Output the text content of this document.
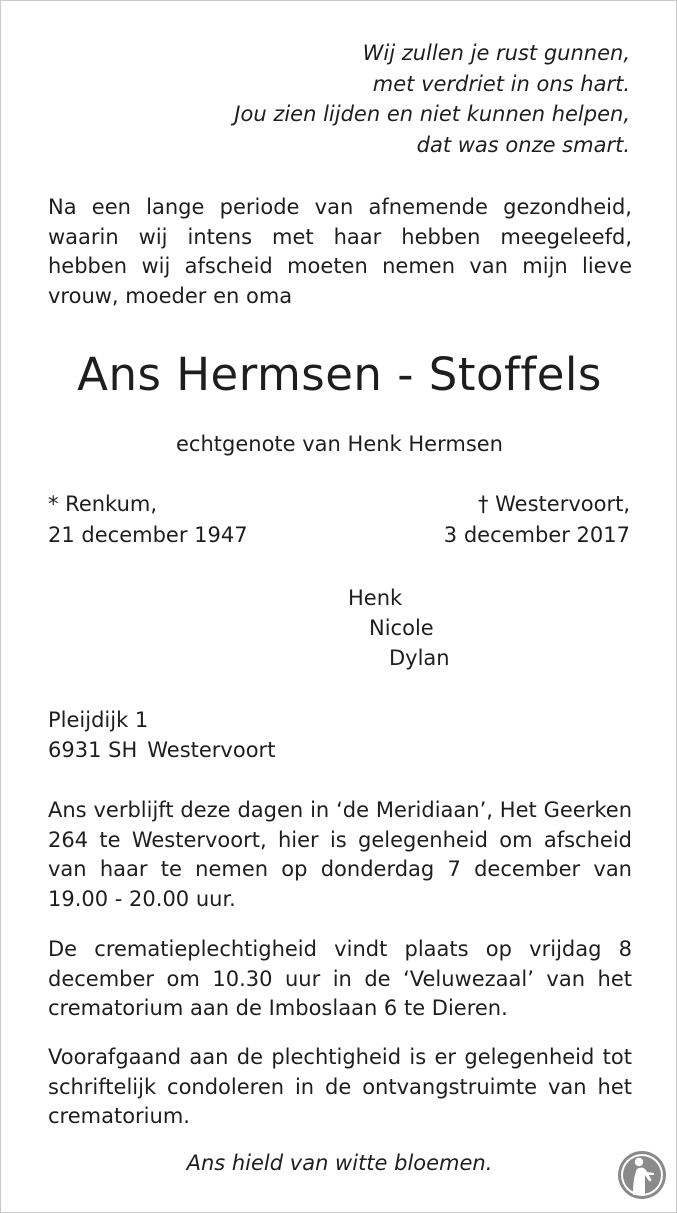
Wij zullen je rust gunnen,
met verdriet in ons hart.
Jou zien lijden en niet kunnen helpen,
dat was onze smart.
Na een lange periode van afnemende gezondheid, waarin wij intens met haar hebben meegeleefd, hebben wij afscheid moeten nemen van mijn lieve vrouw, moeder en oma
Ans Hermsen - Stoffels
echtgenote van Henk Hermsen
* Renkum,
21 december 1947
† Westervoort,
3 december 2017
Henk
Nicole
Dylan
Pleijdijk 1
6931 SH Westervoort
Ans verblijft deze dagen in ‘de Meridiaan’, Het Geerken 264 te Westervoort, hier is gelegenheid om afscheid van haar te nemen op donderdag 7 december van 19.00 - 20.00 uur.
De crematieplechtigheid vindt plaats op vrijdag 8 december om 10.30 uur in de ‘Veluwezaal’ van het crematorium aan de Imboslaan 6 te Dieren.
Voorafgaand aan de plechtigheid is er gelegenheid tot schriftelijk condoleren in de ontvangstruimte van het crematorium.
Ans hield van witte bloemen.
